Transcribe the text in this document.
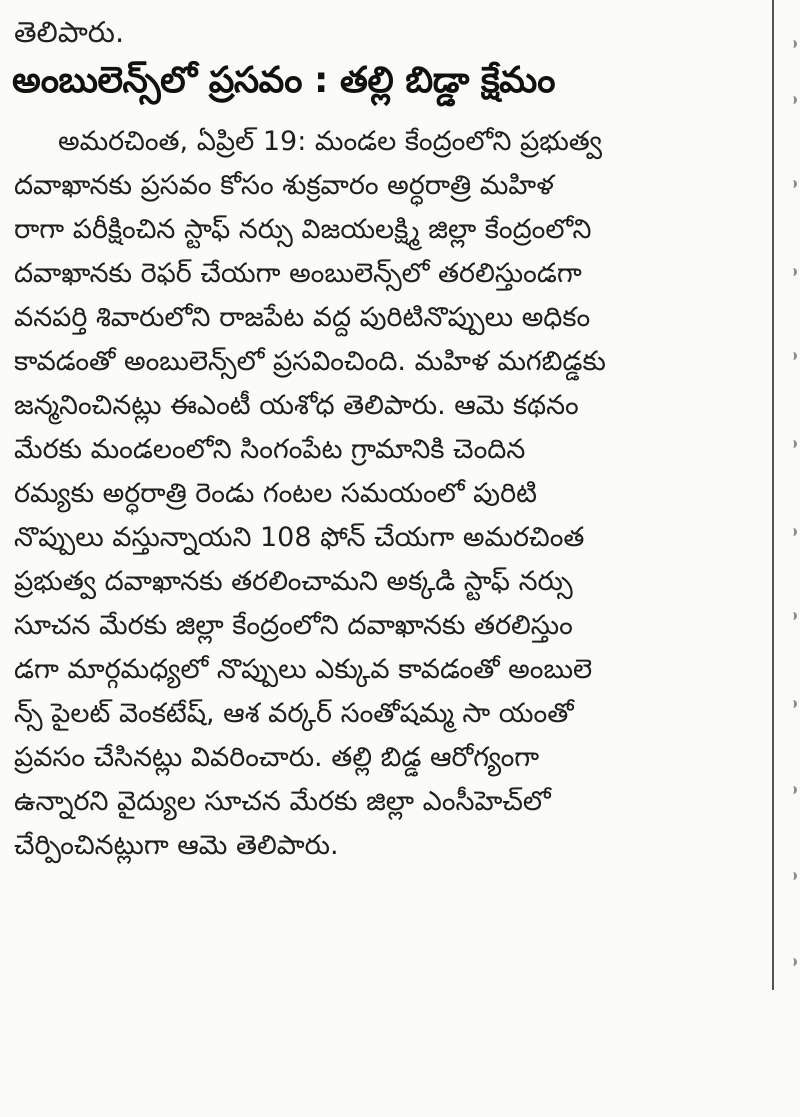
తెలిపారు.
అంబులెన్స్‌లో ప్రసవం : తల్లి బిడ్డా క్షేమం
అమరచింత, ఏప్రిల్ 19: మండల కేంద్రంలోని ప్రభుత్వ
దవాఖానకు ప్రసవం కోసం శుక్రవారం అర్ధరాత్రి మహిళ
రాగా పరీక్షించిన స్టాఫ్ నర్సు విజయలక్ష్మి జిల్లా కేంద్రంలోని
దవాఖానకు రెఫర్ చేయగా అంబులెన్స్‌లో తరలిస్తుండగా
వనపర్తి శివారులోని రాజపేట వద్ద పురిటినొప్పులు అధికం
కావడంతో అంబులెన్స్‌లో ప్రసవించింది. మహిళ మగబిడ్డకు
జన్మనించినట్లు ఈఎంటీ యశోధ తెలిపారు. ఆమె కథనం
మేరకు మండలంలోని సింగంపేట గ్రామానికి చెందిన
రమ్యకు అర్ధరాత్రి రెండు గంటల సమయంలో పురిటి
నొప్పులు వస్తున్నాయని 108 ఫోన్ చేయగా అమరచింత
ప్రభుత్వ దవాఖానకు తరలించామని అక్కడి స్టాఫ్ నర్సు
సూచన మేరకు జిల్లా కేంద్రంలోని దవాఖానకు తరలిస్తుం
డగా మార్గమధ్యలో నొప్పులు ఎక్కువ కావడంతో అంబులె
న్స్ పైలట్ వెంకటేష్, ఆశ వర్కర్ సంతోషమ్మ సా యంతో
ప్రవసం చేసినట్లు వివరించారు. తల్లి బిడ్డ ఆరోగ్యంగా
ఉన్నారని వైద్యుల సూచన మేరకు జిల్లా ఎంసీహెచ్‌లో
చేర్పించినట్లుగా ఆమె తెలిపారు.
